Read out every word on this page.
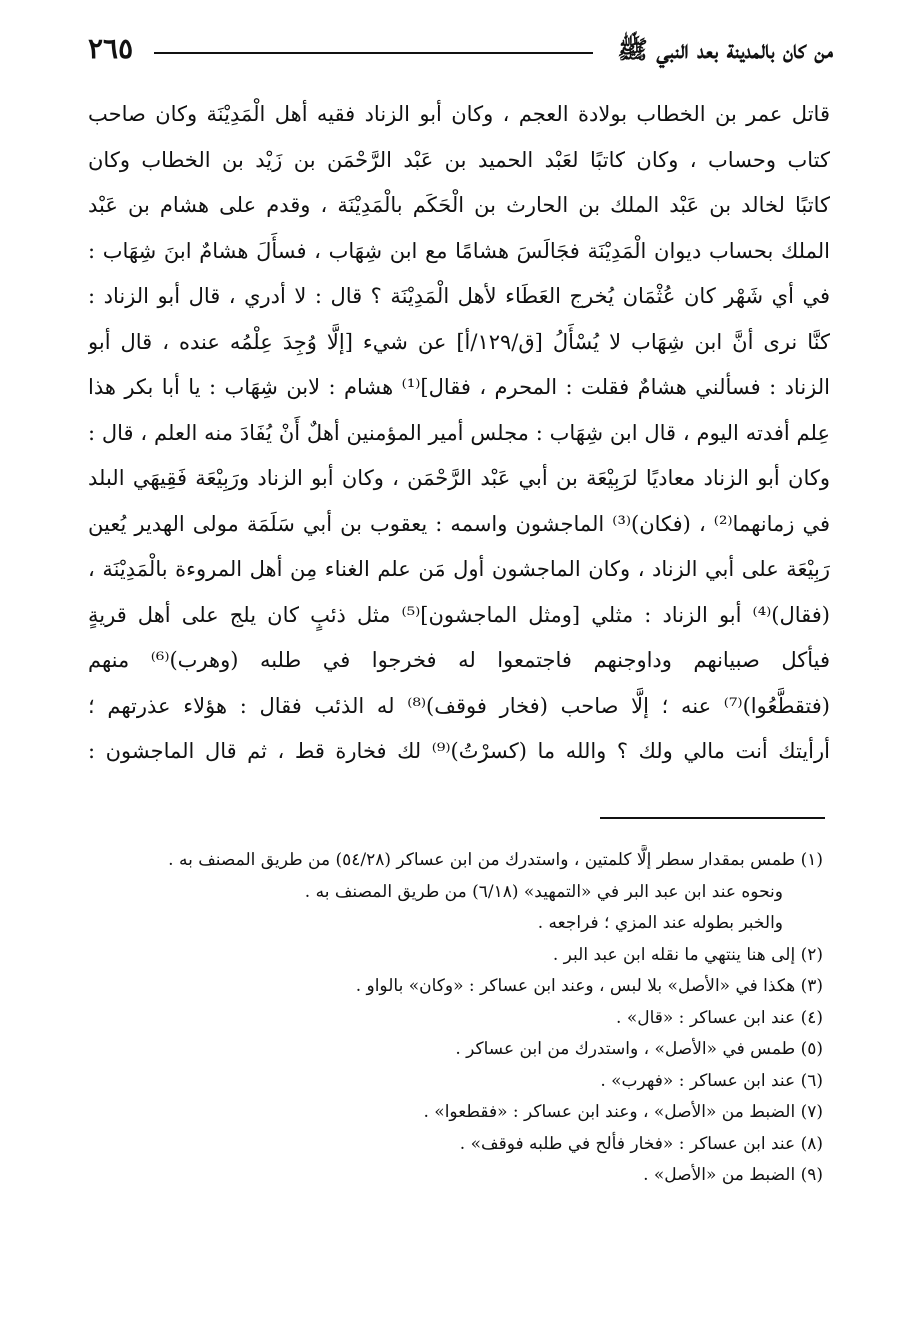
من كان بالمدينة بعد النبي ﷺ
٢٦٥
قاتل عمر بن الخطاب بولادة العجم ، وكان أبو الزناد فقيه أهل الْمَدِيْنَة وكان صاحب
كتاب وحساب ، وكان كاتبًا لعَبْد الحميد بن عَبْد الرَّحْمَن بن زَيْد بن الخطاب وكان
كاتبًا لخالد بن عَبْد الملك بن الحارث بن الْحَكَم بالْمَدِيْنَة ، وقدم على هشام بن عَبْد
الملك بحساب ديوان الْمَدِيْنَة فجَالَسَ هشامًا مع ابن شِهَاب ، فسأَلَ هشامٌ ابنَ شِهَاب :
في أي شَهْر كان عُثْمَان يُخرج العَطَاء لأهل الْمَدِيْنَة ؟ قال : لا أدري ، قال أبو الزناد :
كنَّا نرى أنَّ ابن شِهَاب لا يُسْأَلُ [ق/١٢٩/أ] عن شيء [إلَّا وُجِدَ عِلْمُه عنده ، قال أبو
الزناد : فسألني هشامٌ فقلت : المحرم ، فقال]⁽¹⁾ هشام : لابن شِهَاب : يا أبا بكر هذا
عِلم أفدته اليوم ، قال ابن شِهَاب : مجلس أمير المؤمنين أهلٌ أَنْ يُفَادَ منه العلم ، قال :
وكان أبو الزناد معاديًا لرَبِيْعَة بن أبي عَبْد الرَّحْمَن ، وكان أبو الزناد ورَبِيْعَة فَقِيهَي البلد
في زمانهما⁽²⁾ ، (فكان)⁽³⁾ الماجشون واسمه : يعقوب بن أبي سَلَمَة مولى الهدير يُعين
رَبِيْعَة على أبي الزناد ، وكان الماجشون أول مَن علم الغناء مِن أهل المروءة بالْمَدِيْنَة ،
(فقال)⁽⁴⁾ أبو الزناد : مثلي [ومثل الماجشون]⁽⁵⁾ مثل ذئبٍ كان يلج على أهل قريةٍ
فيأكل صبيانهم وداوجنهم فاجتمعوا له فخرجوا في طلبه (وهرب)⁽⁶⁾ منهم
(فتقطَّعُوا)⁽⁷⁾ عنه ؛ إلَّا صاحب (فخار فوقف)⁽⁸⁾ له الذئب فقال : هؤلاء عذرتهم ؛
أرأيتك أنت مالي ولك ؟ والله ما (كسرْتُ)⁽⁹⁾ لك فخارة قط ، ثم قال الماجشون :
(١) طمس بمقدار سطر إلَّا كلمتين ، واستدرك من ابن عساكر (٥٤/٢٨) من طريق المصنف به .
ونحوه عند ابن عبد البر في «التمهيد» (٦/١٨) من طريق المصنف به .
والخبر بطوله عند المزي ؛ فراجعه .
(٢) إلى هنا ينتهي ما نقله ابن عبد البر .
(٣) هكذا في «الأصل» بلا لبس ، وعند ابن عساكر : «وكان» بالواو .
(٤) عند ابن عساكر : «قال» .
(٥) طمس في «الأصل» ، واستدرك من ابن عساكر .
(٦) عند ابن عساكر : «فهرب» .
(٧) الضبط من «الأصل» ، وعند ابن عساكر : «فقطعوا» .
(٨) عند ابن عساكر : «فخار فألح في طلبه فوقف» .
(٩) الضبط من «الأصل» .
